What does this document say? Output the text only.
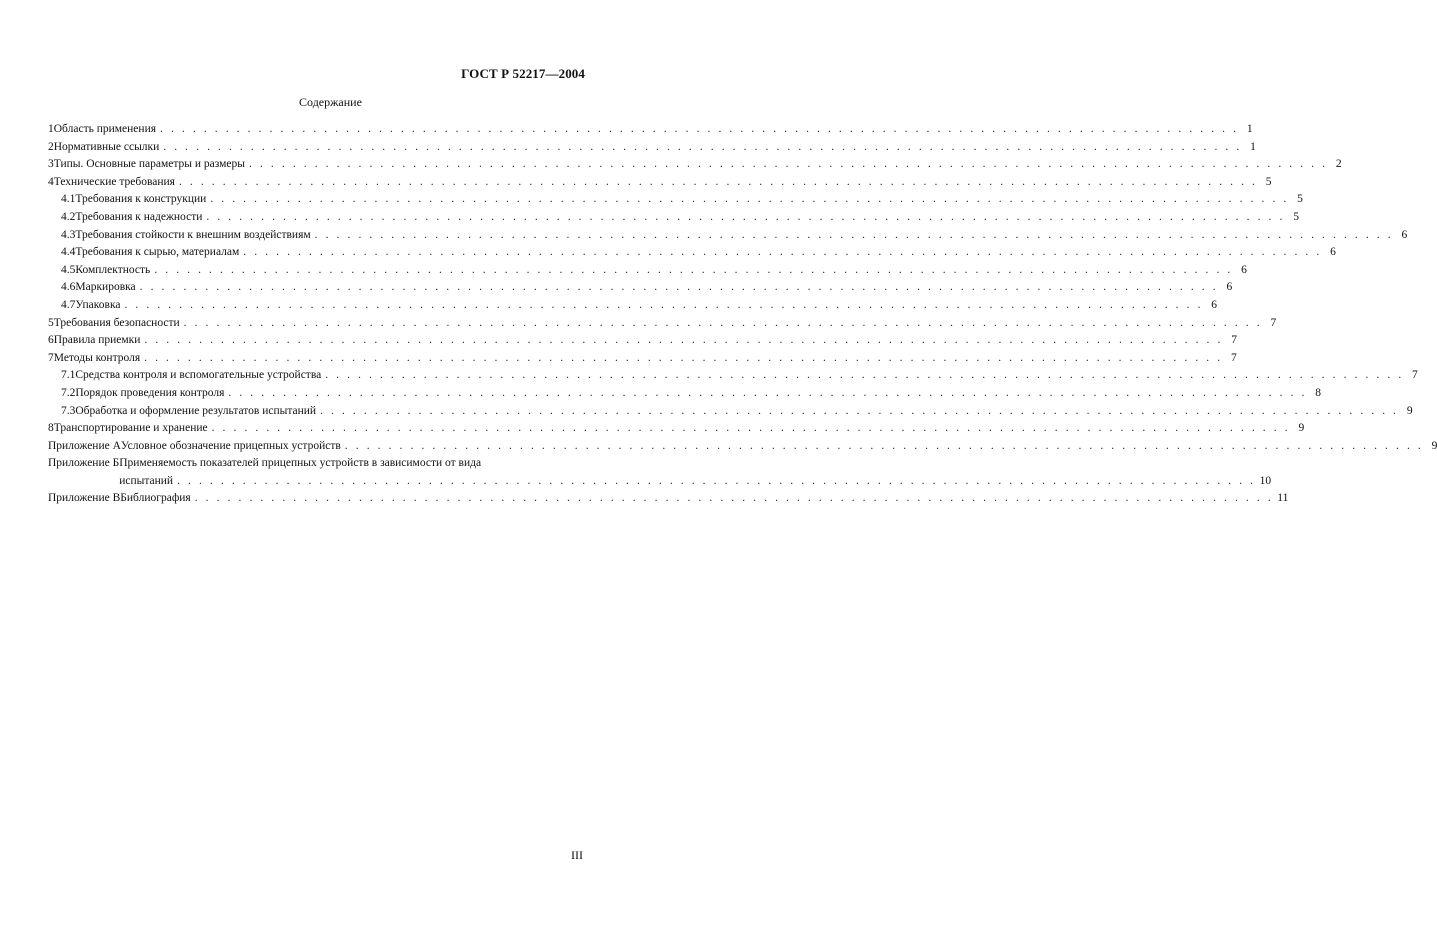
ГОСТ Р 52217—2004
Содержание
1 Область применения . . .	1
2 Нормативные ссылки . . .	1
3 Типы. Основные параметры и размеры . . .	2
4 Технические требования . . .	5
4.1 Требования к конструкции . . .	5
4.2 Требования к надежности . . .	5
4.3 Требования стойкости к внешним воздействиям . . .	6
4.4 Требования к сырью, материалам . . .	6
4.5 Комплектность . . .	6
4.6 Маркировка . . .	6
4.7 Упаковка . . .	6
5 Требования безопасности . . .	7
6 Правила приемки . . .	7
7 Методы контроля . . .	7
7.1 Средства контроля и вспомогательные устройства . . .	7
7.2 Порядок проведения контроля . . .	8
7.3 Обработка и оформление результатов испытаний . . .	9
8 Транспортирование и хранение . . .	9
Приложение А Условное обозначение прицепных устройств . . .	9
Приложение Б Применяемость показателей прицепных устройств в зависимости от вида
испытаний . . .	10
Приложение В Библиография . . .	11
III
